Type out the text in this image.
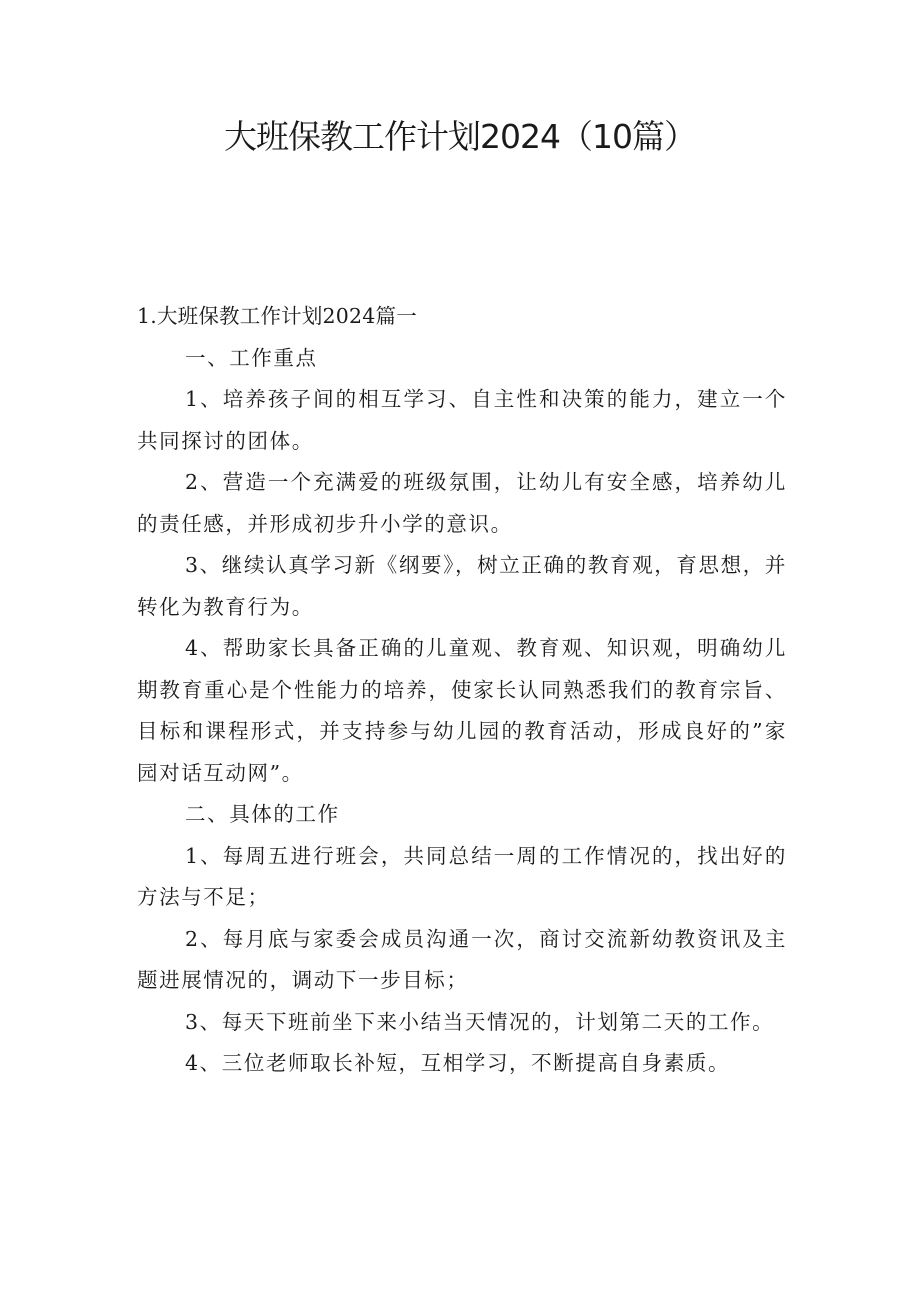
大班保教工作计划2024（10篇）

1.大班保教工作计划2024篇一

一、工作重点

1、培养孩子间的相互学习、自主性和决策的能力，建立一个共同探讨的团体。

2、营造一个充满爱的班级氛围，让幼儿有安全感，培养幼儿的责任感，并形成初步升小学的意识。

3、继续认真学习新《纲要》，树立正确的教育观，育思想，并转化为教育行为。

4、帮助家长具备正确的儿童观、教育观、知识观，明确幼儿期教育重心是个性能力的培养，使家长认同熟悉我们的教育宗旨、目标和课程形式，并支持参与幼儿园的教育活动，形成良好的”家园对话互动网”。

二、具体的工作

1、每周五进行班会，共同总结一周的工作情况的，找出好的方法与不足；

2、每月底与家委会成员沟通一次，商讨交流新幼教资讯及主题进展情况的，调动下一步目标；

3、每天下班前坐下来小结当天情况的，计划第二天的工作。

4、三位老师取长补短，互相学习，不断提高自身素质。
